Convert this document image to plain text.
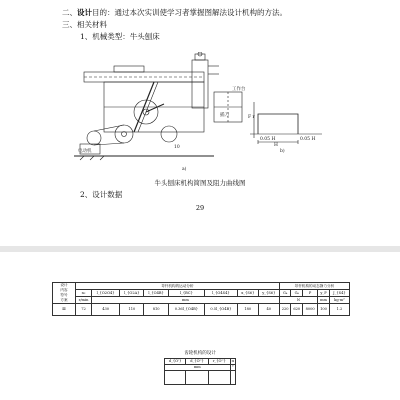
二、设计目的：通过本次实训使学习者掌握图解法设计机构的方法。
三、相关材料
1、机械类型：牛头刨床
电动机
工作台
a)
b)
H
0.05 H	0.05 H
F r
插刀
10
牛头刨床机构简图及阻力曲线图
2、设计数据
29
设计
内容
符号
方案	导杆机构的运动分析								导杆机构的动态静力分析				
	n₂	l_{O2O4}	l_{O2A}	l_{O4B}	l_{BC}	l_{O4S4}	x_{S6}	y_{S6}	G₄	G₆	P	y_P	J_{S4}
	r/min	mm							N			mm	kg·m²
Ⅲ	72	430	110	810	0.36l_{O4B}	0.5l_{O4B}	180	40	220	620	8000	100	1.2
齿轮机构的设计
d_{O'}	d_{O''}	r_{O''}	α
mm			°
